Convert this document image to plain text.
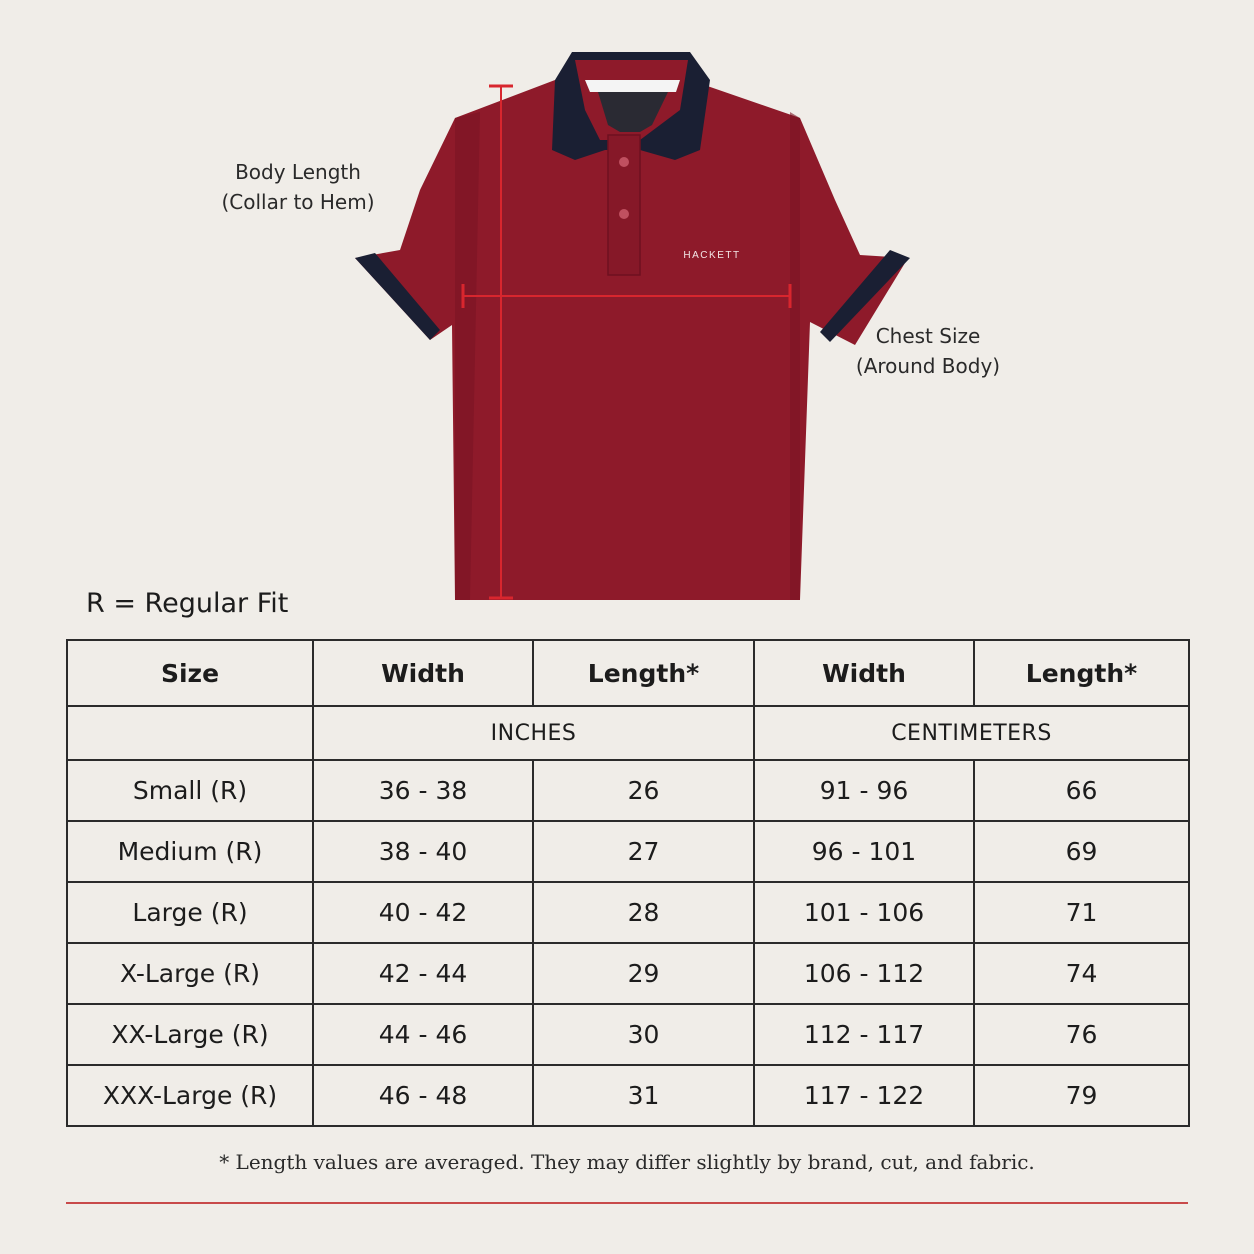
HACKETT
Body Length
(Collar to Hem)
Chest Size
(Around Body)
R = Regular Fit
Size	Width	Length*	Width	Length*
	INCHES		CENTIMETERS	
Small (R)	36 - 38	26	91 - 96	66
Medium (R)	38 - 40	27	96 - 101	69
Large (R)	40 - 42	28	101 - 106	71
X-Large (R)	42 - 44	29	106 - 112	74
XX-Large (R)	44 - 46	30	112 - 117	76
XXX-Large (R)	46 - 48	31	117 - 122	79
* Length values are averaged. They may differ slightly by brand, cut, and fabric.
